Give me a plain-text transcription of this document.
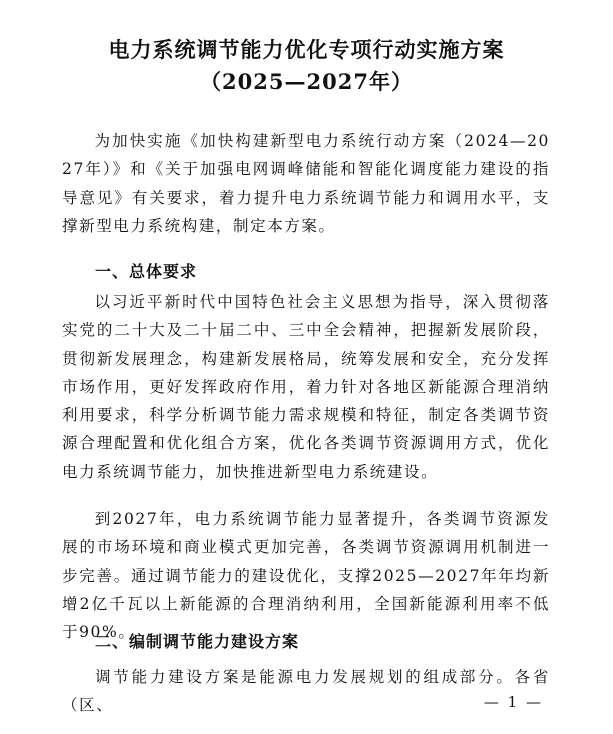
电力系统调节能力优化专项行动实施方案
（2025—2027年）
为加快实施《加快构建新型电力系统行动方案（2024—2027年）》和《关于加强电网调峰储能和智能化调度能力建设的指导意见》有关要求，着力提升电力系统调节能力和调用水平，支撑新型电力系统构建，制定本方案。
一、总体要求
以习近平新时代中国特色社会主义思想为指导，深入贯彻落实党的二十大及二十届二中、三中全会精神，把握新发展阶段，贯彻新发展理念，构建新发展格局，统筹发展和安全，充分发挥市场作用，更好发挥政府作用，着力针对各地区新能源合理消纳利用要求，科学分析调节能力需求规模和特征，制定各类调节资源合理配置和优化组合方案，优化各类调节资源调用方式，优化电力系统调节能力，加快推进新型电力系统建设。
到2027年，电力系统调节能力显著提升，各类调节资源发展的市场环境和商业模式更加完善，各类调节资源调用机制进一步完善。通过调节能力的建设优化，支撑2025—2027年年均新增2亿千瓦以上新能源的合理消纳利用，全国新能源利用率不低于90%。
二、编制调节能力建设方案
调节能力建设方案是能源电力发展规划的组成部分。各省（区、	— 1 —
